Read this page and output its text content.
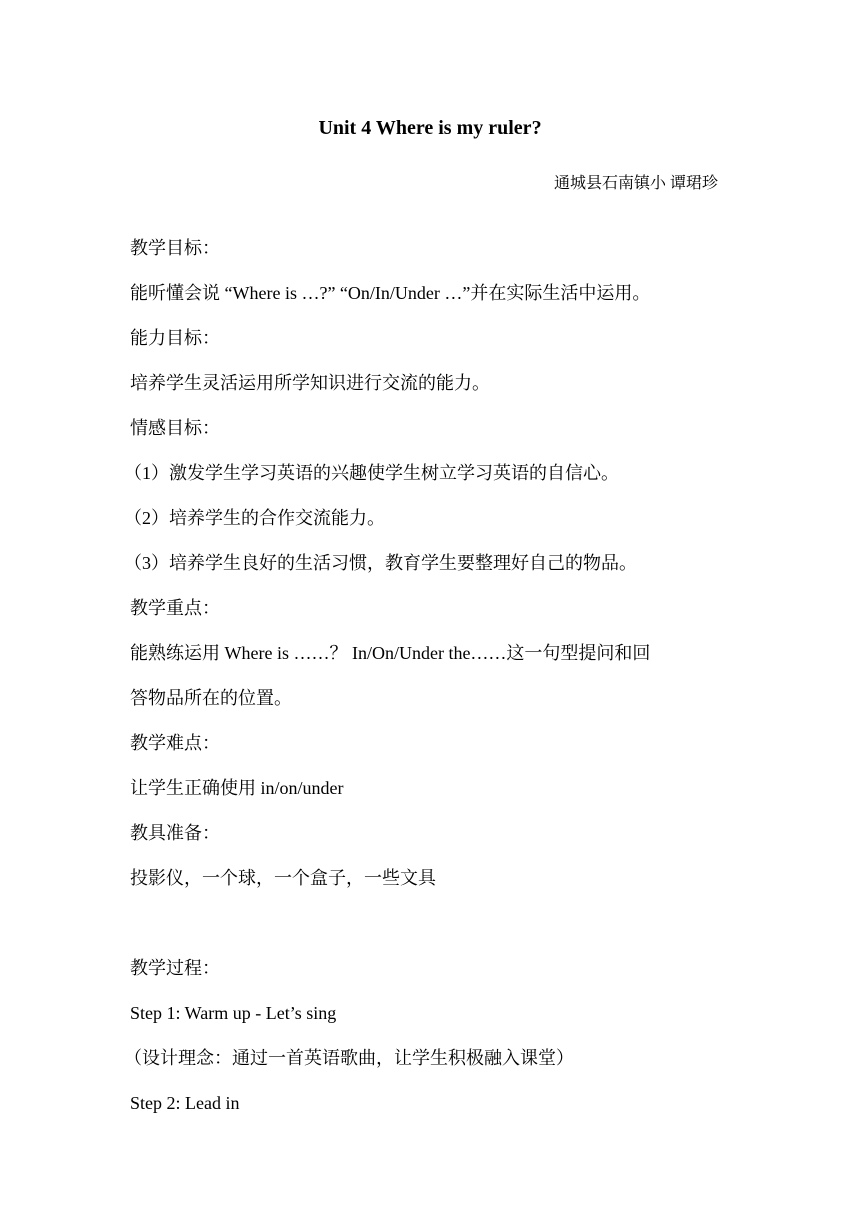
Unit 4 Where is my ruler?
通城县石南镇小 谭珺珍
教学目标：
能听懂会说 “Where is …?” “On/In/Under …”并在实际生活中运用。
能力目标：
培养学生灵活运用所学知识进行交流的能力。
情感目标：
（1）激发学生学习英语的兴趣使学生树立学习英语的自信心。
（2）培养学生的合作交流能力。
（3）培养学生良好的生活习惯，教育学生要整理好自己的物品。
教学重点：
能熟练运用 Where is ……？ In/On/Under the……这一句型提问和回
答物品所在的位置。
教学难点：
让学生正确使用 in/on/under
教具准备：
投影仪，一个球，一个盒子，一些文具
教学过程：
Step 1: Warm up - Let’s sing
（设计理念：通过一首英语歌曲，让学生积极融入课堂）
Step 2: Lead in
